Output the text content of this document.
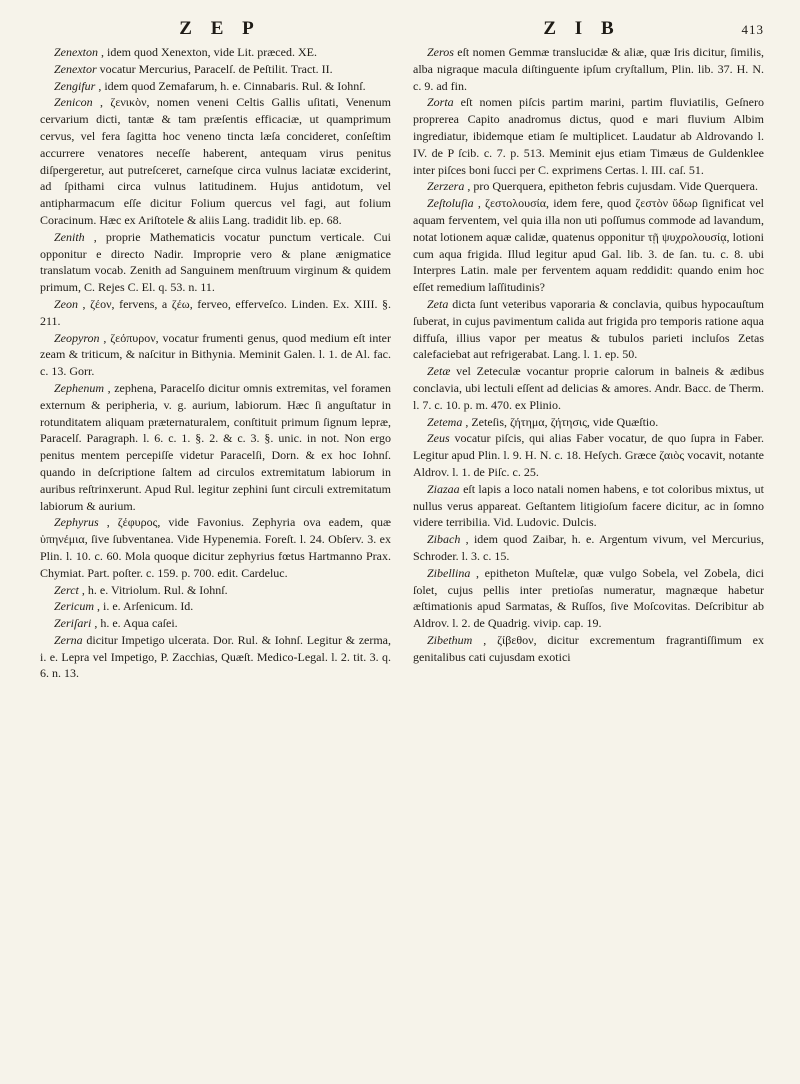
Z E P	Z I B	413

Zenexton , idem quod Xenexton, vide Lit. præced. XE.

Zenextor vocatur Mercurius, Paracelſ. de Peſtilit. Tract. II.

Zengifur , idem quod Zemafarum, h. e. Cinnabaris. Rul. & Iohnſ.

Zenicon , ζενικὸν, nomen veneni Celtis Gallis uſitati, Venenum cervarium dicti, tantæ & tam præſentis efficaciæ, ut quamprimum cervus, vel fera ſagitta hoc veneno tincta læſa concideret, conſeſtim accurrere venatores neceſſe haberent, antequam virus penitus diſpergeretur, aut putreſceret, carneſque circa vulnus laciatæ exciderint, ad ſpithami circa vulnus latitudinem. Hujus antidotum, vel antipharmacum eſſe dicitur Folium quercus vel fagi, aut folium Coracinum. Hæc ex Ariſtotele & aliis Lang. tradidit lib. ep. 68.

Zenith , proprie Mathematicis vocatur punctum verticale. Cui opponitur e directo Nadir. Improprie vero & plane ænigmatice translatum vocab. Zenith ad Sanguinem menſtruum virginum & quidem primum, C. Rejes C. El. q. 53. n. 11.

Zeon , ζέον, fervens, a ζέω, ferveo, efferveſco. Linden. Ex. XIII. §. 211.

Zeopyron , ζεόπυρον, vocatur frumenti genus, quod medium eſt inter zeam & triticum, & naſcitur in Bithynia. Meminit Galen. l. 1. de Al. fac. c. 13. Gorr.

Zephenum , zephena, Paracelſo dicitur omnis extremitas, vel foramen externum & peripheria, v. g. aurium, labiorum. Hæc ſi anguſtatur in rotunditatem aliquam præternaturalem, conſtituit primum ſignum lepræ, Paracelſ. Paragraph. l. 6. c. 1. §. 2. & c. 3. §. unic. in not. Non ergo penitus mentem percepiſſe videtur Paracelſi, Dorn. & ex hoc Iohnſ. quando in deſcriptione ſaltem ad circulos extremitatum labiorum in auribus reſtrinxerunt. Apud Rul. legitur zephini ſunt circuli extremitatum labiorum & aurium.

Zephyrus , ζέφυρος, vide Favonius. Zephyria ova eadem, quæ ὑπηνέμια, ſive ſubventanea. Vide Hypenemia. Foreſt. l. 24. Obſerv. 3. ex Plin. l. 10. c. 60. Mola quoque dicitur zephyrius fœtus Hartmanno Prax. Chymiat. Part. poſter. c. 159. p. 700. edit. Cardeluc.

Zerct , h. e. Vitriolum. Rul. & Iohnſ.

Zericum , i. e. Arſenicum. Id.

Zeriſari , h. e. Aqua caſei.

Zerna dicitur Impetigo ulcerata. Dor. Rul. & Iohnſ. Legitur & zerma, i. e. Lepra vel Impetigo, P. Zacchias, Quæſt. Medico-Legal. l. 2. tit. 3. q. 6. n. 13.

Zeros eſt nomen Gemmæ translucidæ & aliæ, quæ Iris dicitur, ſimilis, alba nigraque macula diſtinguente ipſum cryſtallum, Plin. lib. 37. H. N. c. 9. ad fin.

Zorta eſt nomen piſcis partim marini, partim fluviatilis, Geſnero proprerea Capito anadromus dictus, quod e mari fluvium Albim ingrediatur, ibidemque etiam ſe multiplicet. Laudatur ab Aldrovando l. IV. de P ſcib. c. 7. p. 513. Meminit ejus etiam Timæus de Guldenklee inter piſces boni ſucci per C. exprimens Certas. l. III. caſ. 51.

Zerzera , pro Querquera, epitheton febris cujusdam. Vide Querquera.

Zeſtoluſia , ζεστολουσία, idem fere, quod ζεστὸν ὕδωρ ſignificat vel aquam ferventem, vel quia illa non uti poſſumus commode ad lavandum, notat lotionem aquæ calidæ, quatenus opponitur τῇ ψυχρολουσίᾳ, lotioni cum aqua frigida. Illud legitur apud Gal. lib. 3. de ſan. tu. c. 8. ubi Interpres Latin. male per ferventem aquam reddidit: quando enim hoc eſſet remedium laſſitudinis?

Zeta dicta ſunt veteribus vaporaria & conclavia, quibus hypocauſtum ſuberat, in cujus pavimentum calida aut frigida pro temporis ratione aqua diffuſa, illius vapor per meatus & tubulos parieti incluſos Zetas calefaciebat aut refrigerabat. Lang. l. 1. ep. 50.

Zetæ vel Zeteculæ vocantur proprie calorum in balneis & ædibus conclavia, ubi lectuli eſſent ad delicias & amores. Andr. Bacc. de Therm. l. 7. c. 10. p. m. 470. ex Plinio.

Zetema , Zeteſis, ζήτημα, ζήτησις, vide Quæſtio.

Zeus vocatur piſcis, qui alias Faber vocatur, de quo ſupra in Faber. Legitur apud Plin. l. 9. H. N. c. 18. Heſych. Græce ζαιὸς vocavit, notante Aldrov. l. 1. de Piſc. c. 25.

Ziazaa eſt lapis a loco natali nomen habens, e tot coloribus mixtus, ut nullus verus appareat. Geſtantem litigioſum facere dicitur, ac in ſomno videre terribilia. Vid. Ludovic. Dulcis.

Zibach , idem quod Zaibar, h. e. Argentum vivum, vel Mercurius, Schroder. l. 3. c. 15.

Zibellina , epitheton Muſtelæ, quæ vulgo Sobela, vel Zobela, dici ſolet, cujus pellis inter pretioſas numeratur, magnæque habetur æſtimationis apud Sarmatas, & Ruſſos, ſive Moſcovitas. Deſcribitur ab Aldrov. l. 2. de Quadrig. vivip. cap. 19.

Zibethum , ζίβεθον, dicitur excrementum fragrantiſſimum ex genitalibus cati cujusdam exotici
